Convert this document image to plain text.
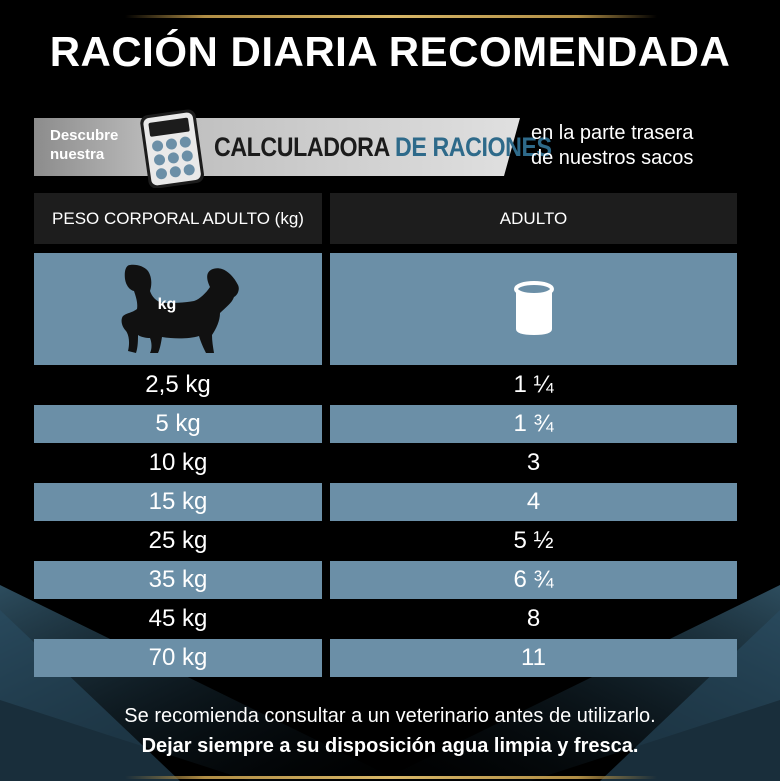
RACIÓN DIARIA RECOMENDADA
Descubre
nuestra	CALCULADORA DE RACIONES
en la parte trasera
de nuestros sacos
PESO CORPORAL ADULTO (kg)	ADULTO
kg
2,5 kg	1 ¼
5 kg	1 ¾
10 kg	3
15 kg	4
25 kg	5 ½
35 kg	6 ¾
45 kg	8
70 kg	11
Se recomienda consultar a un veterinario antes de utilizarlo.
Dejar siempre a su disposición agua limpia y fresca.
